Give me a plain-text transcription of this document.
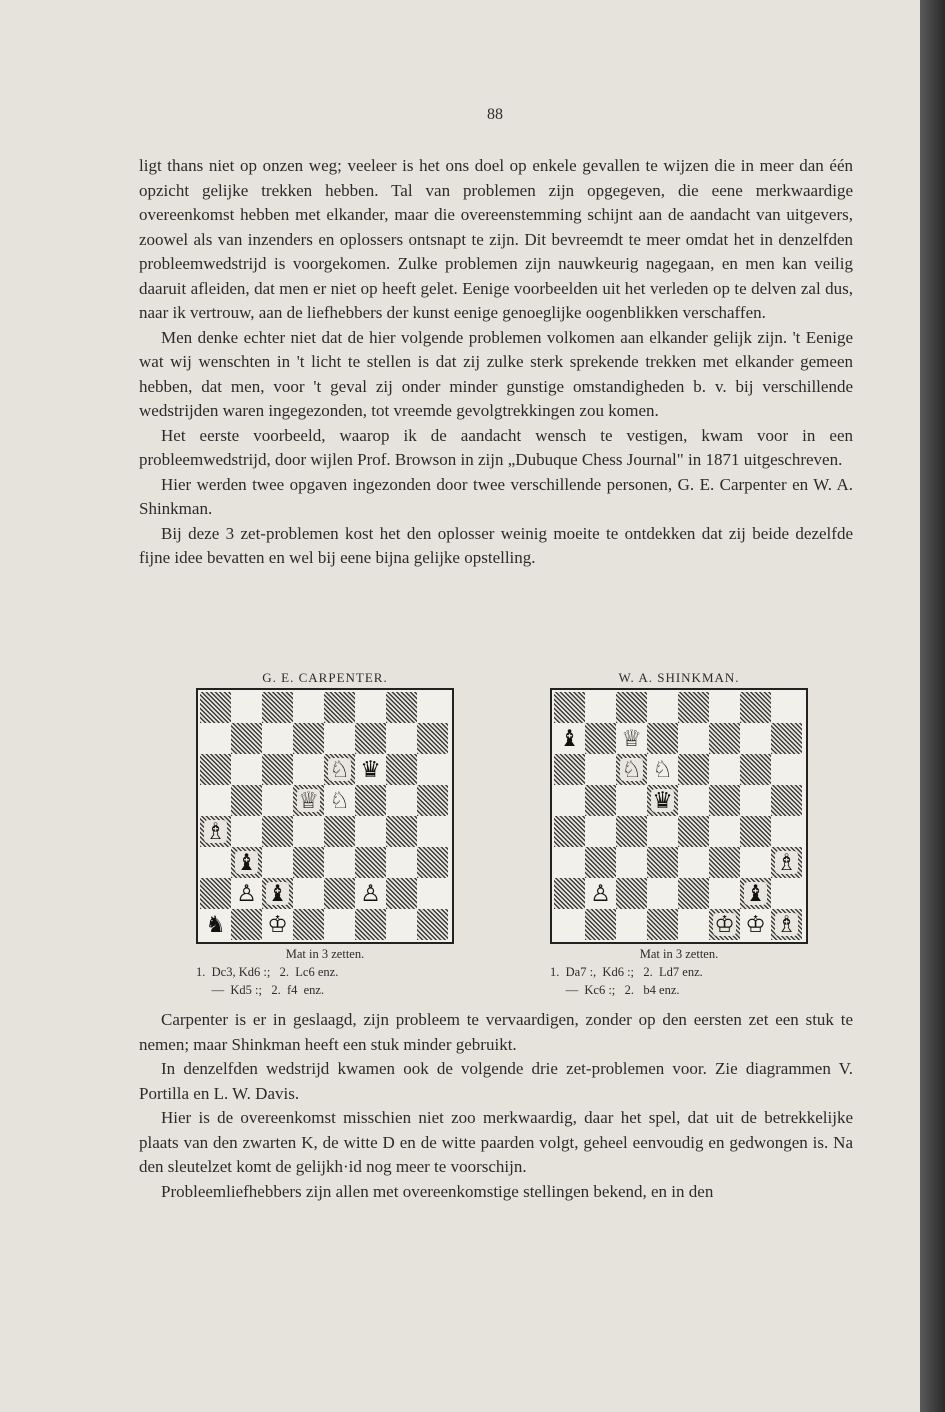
88

ligt thans niet op onzen weg; veeleer is het ons doel op enkele gevallen te wijzen die in meer dan één opzicht gelijke trekken hebben. Tal van problemen zijn opgegeven, die eene merkwaardige overeenkomst hebben met elkander, maar die overeenstemming schijnt aan de aandacht van uitgevers, zoowel als van inzenders en oplossers ontsnapt te zijn. Dit bevreemdt te meer omdat het in denzelfden probleemwedstrijd is voorgekomen. Zulke problemen zijn nauwkeurig nagegaan, en men kan veilig daaruit afleiden, dat men er niet op heeft gelet. Eenige voorbeelden uit het verleden op te delven zal dus, naar ik vertrouw, aan de liefhebbers der kunst eenige genoeglijke oogenblikken verschaffen.

Men denke echter niet dat de hier volgende problemen volkomen aan elkander gelijk zijn. 't Eenige wat wij wenschten in 't licht te stellen is dat zij zulke sterk sprekende trekken met elkander gemeen hebben, dat men, voor 't geval zij onder minder gunstige omstandigheden b. v. bij verschillende wedstrijden waren ingegezonden, tot vreemde gevolgtrekkingen zou komen.

Het eerste voorbeeld, waarop ik de aandacht wensch te vestigen, kwam voor in een probleemwedstrijd, door wijlen Prof. Browson in zijn „Dubuque Chess Journal" in 1871 uitgeschreven.

Hier werden twee opgaven ingezonden door twee verschillende personen, G. E. Carpenter en W. A. Shinkman.

Bij deze 3 zet-problemen kost het den oplosser weinig moeite te ontdekken dat zij beide dezelfde fijne idee bevatten en wel bij eene bijna gelijke opstelling.

G. E. CARPENTER.
♘ ♛
♕ ♘
♗
♝
♙ ♝	♙
♞ ♔
Mat in 3 zetten.
1.  Dc3, Kd6 :;   2.  Lc6 enz.
—  Kd5 :;   2.  f4  enz.
W. A. SHINKMAN.
♝ ♕
♘ ♘
♛
♗
♙	♝
♔ ♔ ♗
Mat in 3 zetten.
1.  Da7 :,  Kd6 :;   2.  Ld7 enz.
—  Kc6 :;   2.   b4 enz.

Carpenter is er in geslaagd, zijn probleem te vervaardigen, zonder op den eersten zet een stuk te nemen; maar Shinkman heeft een stuk minder gebruikt.

In denzelfden wedstrijd kwamen ook de volgende drie zet-problemen voor. Zie diagrammen V. Portilla en L. W. Davis.

Hier is de overeenkomst misschien niet zoo merkwaardig, daar het spel, dat uit de betrekkelijke plaats van den zwarten K, de witte D en de witte paarden volgt, geheel eenvoudig en gedwongen is. Na den sleutelzet komt de gelijkh·id nog meer te voorschijn.

Probleemliefhebbers zijn allen met overeenkomstige stellingen bekend, en in den
